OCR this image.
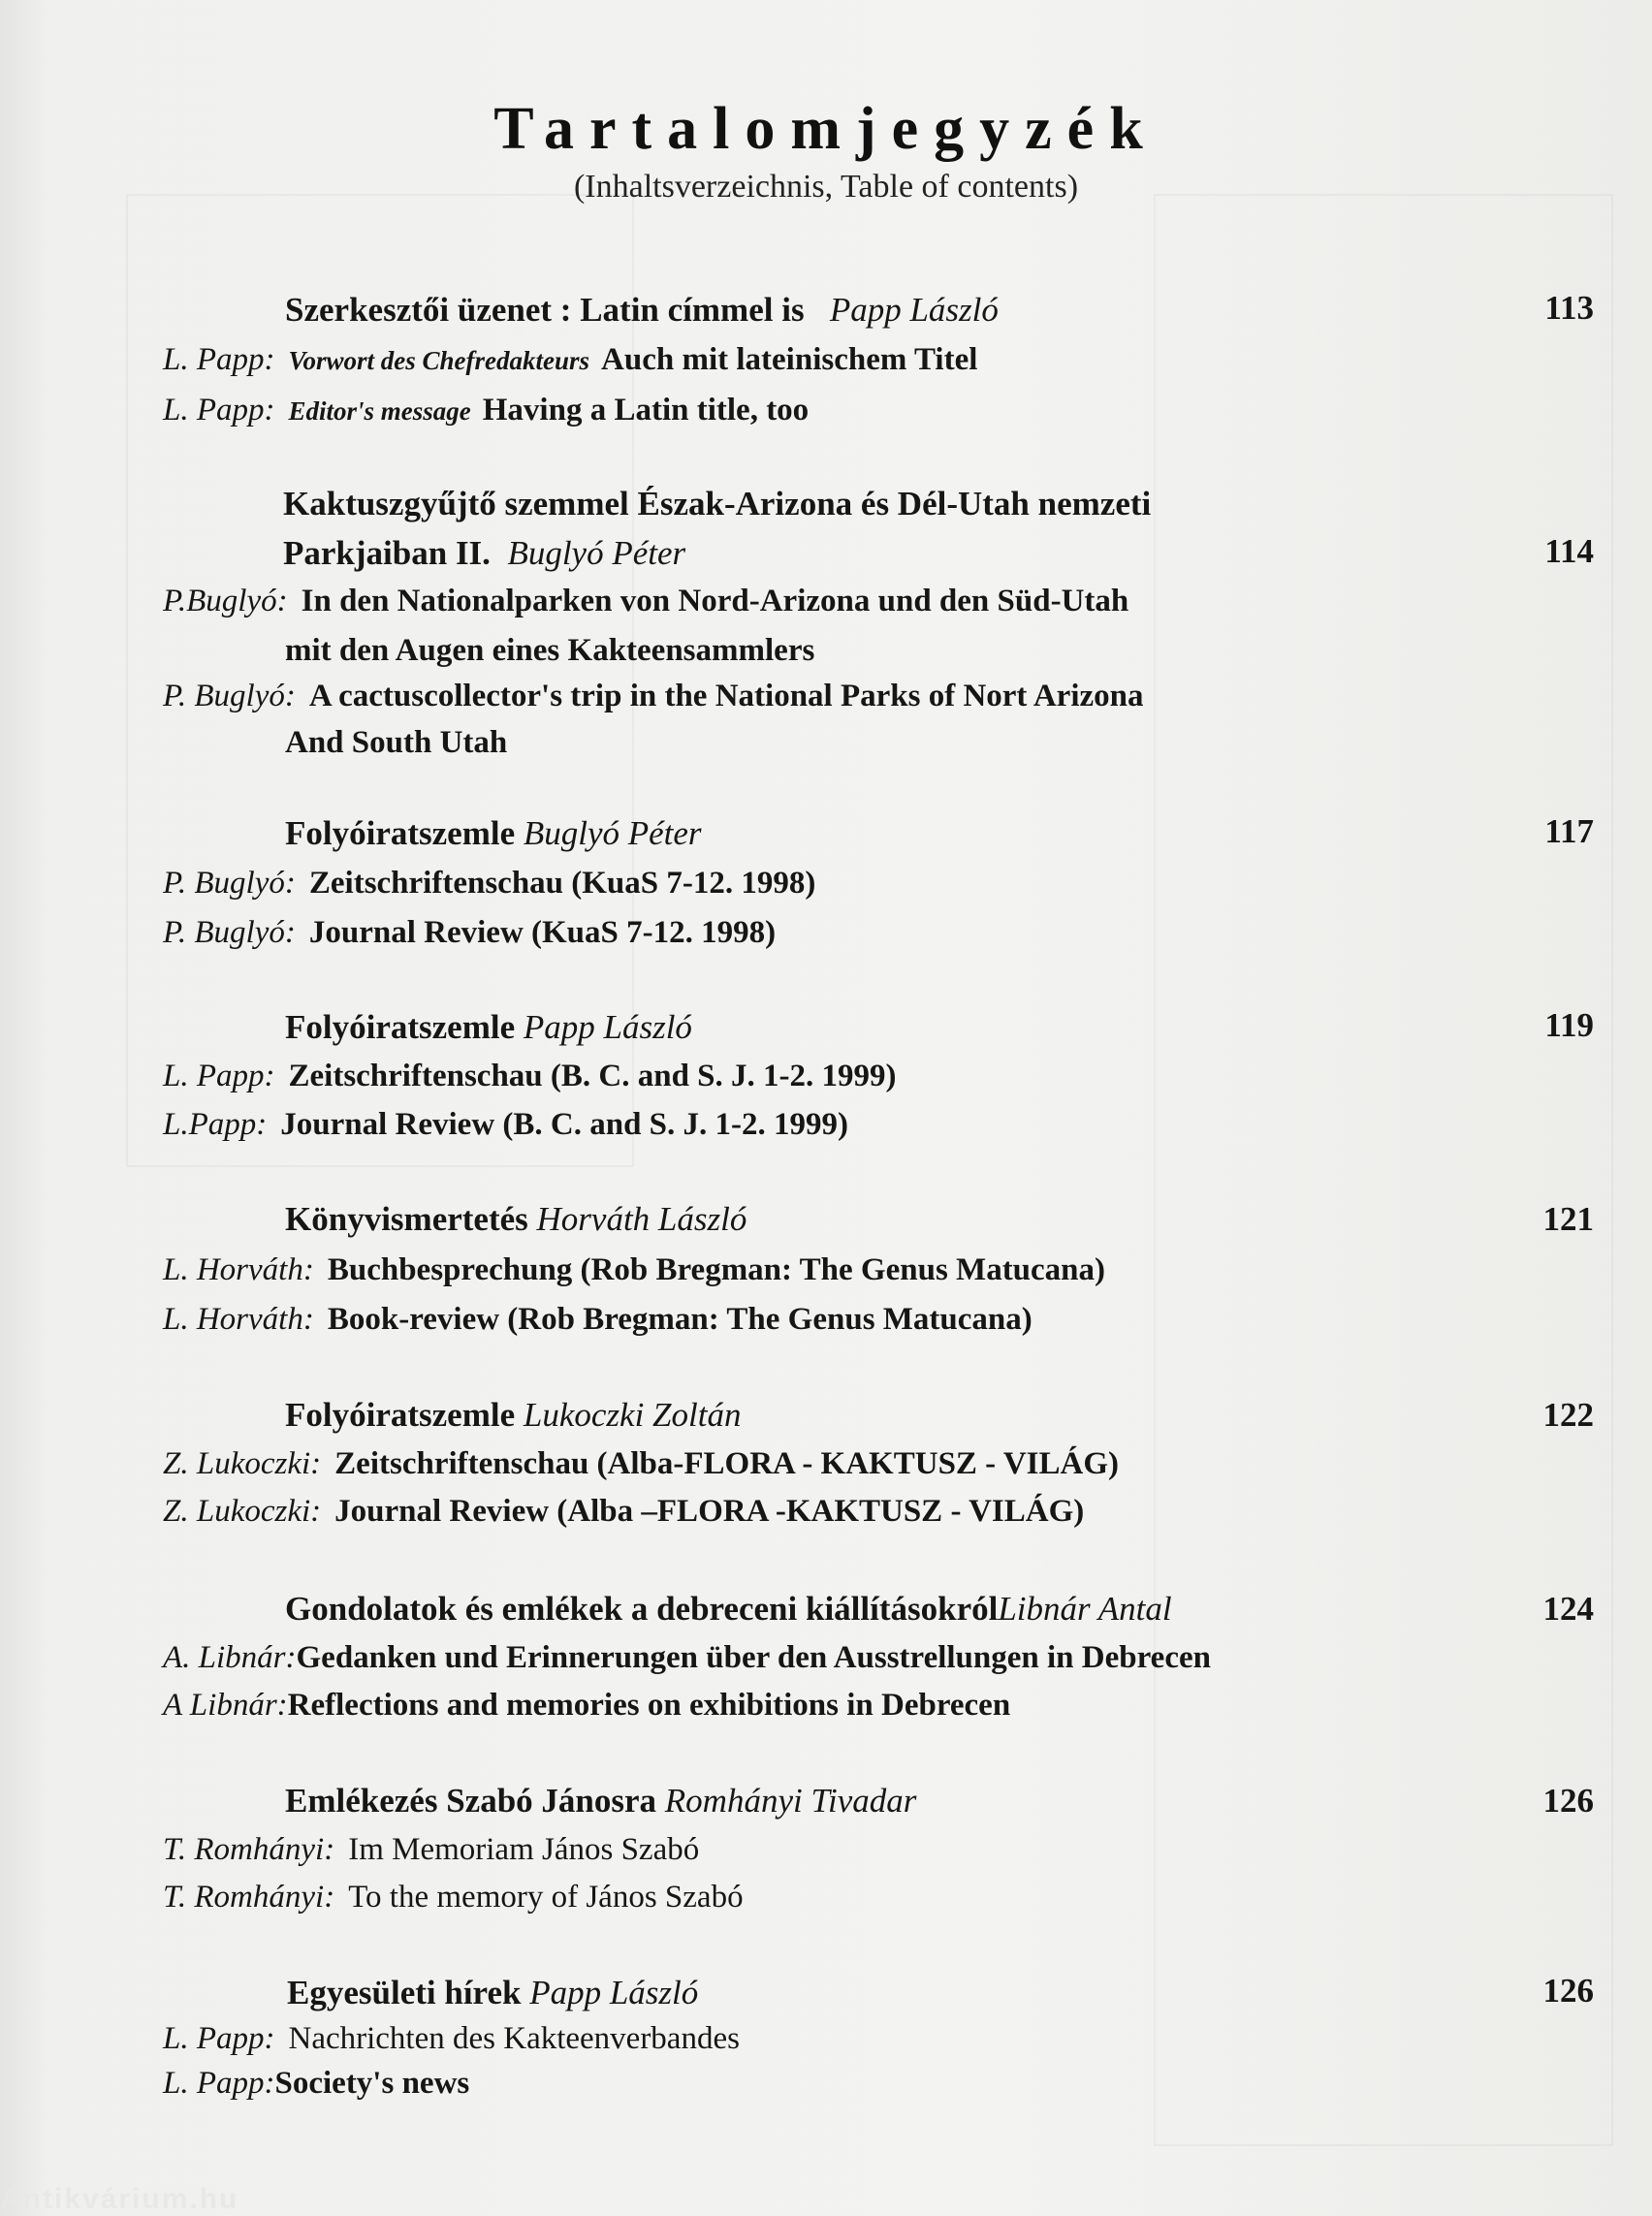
Tartalomjegyzék
(Inhaltsverzeichnis, Table of contents)
Szerkesztői üzenet : Latin címmel is Papp László	113
L. Papp: Vorwort des Chefredakteurs Auch mit lateinischem Titel
L. Papp: Editor's message Having a Latin title, too
Kaktuszgyűjtő szemmel Észak-Arizona és Dél-Utah nemzeti
Parkjaiban II. Buglyó Péter	114
P.Buglyó: In den Nationalparken von Nord-Arizona und den Süd-Utah
mit den Augen eines Kakteensammlers
P. Buglyó: A cactuscollector's trip in the National Parks of Nort Arizona
And South Utah
Folyóiratszemle Buglyó Péter	117
P. Buglyó: Zeitschriftenschau (KuaS 7-12. 1998)
P. Buglyó: Journal Review (KuaS 7-12. 1998)
Folyóiratszemle Papp László	119
L. Papp: Zeitschriftenschau (B. C. and S. J. 1-2. 1999)
L.Papp: Journal Review (B. C. and S. J. 1-2. 1999)
Könyvismertetés Horváth László	121
L. Horváth: Buchbesprechung (Rob Bregman: The Genus Matucana)
L. Horváth: Book-review (Rob Bregman: The Genus Matucana)
Folyóiratszemle Lukoczki Zoltán	122
Z. Lukoczki: Zeitschriftenschau (Alba-FLORA - KAKTUSZ - VILÁG)
Z. Lukoczki: Journal Review (Alba –FLORA -KAKTUSZ - VILÁG)
Gondolatok és emlékek a debreceni kiállításokrólLibnár Antal	124
A. Libnár:Gedanken und Erinnerungen über den Ausstrellungen in Debrecen
A Libnár:Reflections and memories on exhibitions in Debrecen
Emlékezés Szabó Jánosra Romhányi Tivadar	126
T. Romhányi: Im Memoriam János Szabó
T. Romhányi: To the memory of János Szabó
Egyesületi hírek Papp László	126
L. Papp: Nachrichten des Kakteenverbandes
L. Papp:Society's news
Antikvárium.hu
